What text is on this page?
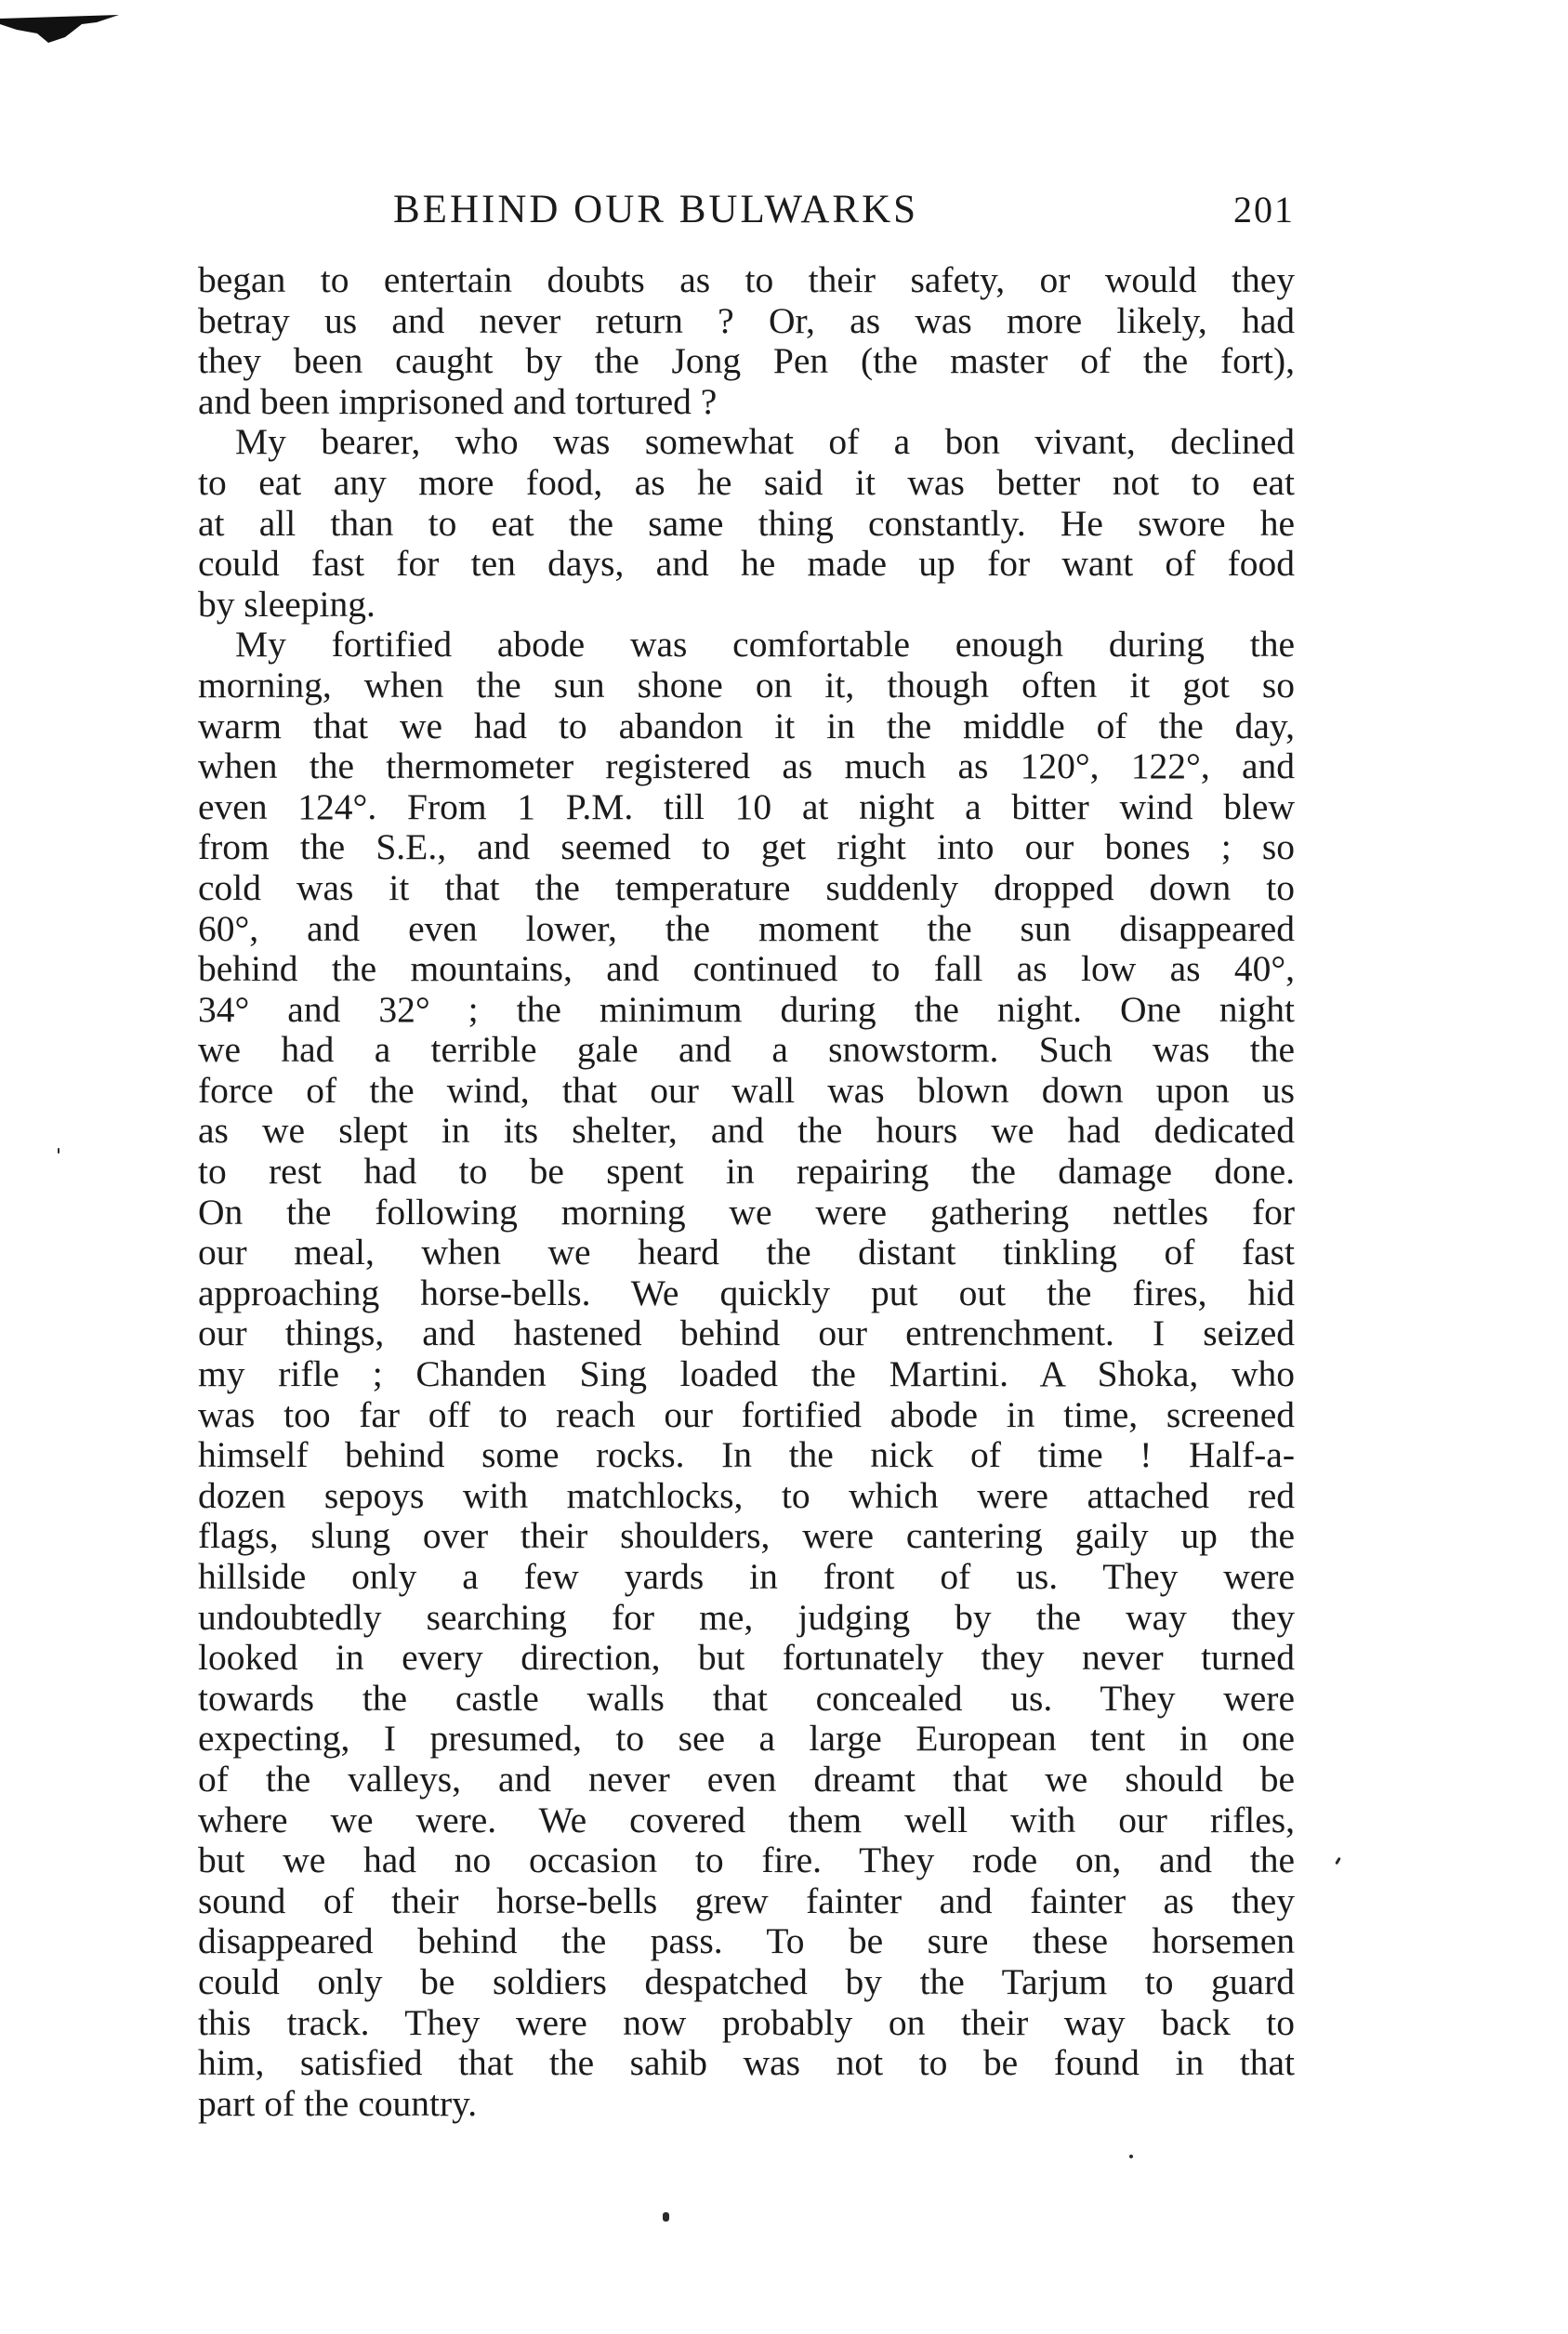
BEHIND OUR BULWARKS	201
began to entertain doubts as to their safety, or would they
betray us and never return ? Or, as was more likely, had
they been caught by the Jong Pen (the master of the fort),
and been imprisoned and tortured ?
My bearer, who was somewhat of a bon vivant, declined
to eat any more food, as he said it was better not to eat
at all than to eat the same thing constantly. He swore he
could fast for ten days, and he made up for want of food
by sleeping.
My fortified abode was comfortable enough during the
morning, when the sun shone on it, though often it got so
warm that we had to abandon it in the middle of the day,
when the thermometer registered as much as 120°, 122°, and
even 124°. From 1 P.M. till 10 at night a bitter wind blew
from the S.E., and seemed to get right into our bones ; so
cold was it that the temperature suddenly dropped down to
60°, and even lower, the moment the sun disappeared
behind the mountains, and continued to fall as low as 40°,
34° and 32° ; the minimum during the night. One night
we had a terrible gale and a snowstorm. Such was the
force of the wind, that our wall was blown down upon us
as we slept in its shelter, and the hours we had dedicated
to rest had to be spent in repairing the damage done.
On the following morning we were gathering nettles for
our meal, when we heard the distant tinkling of fast
approaching horse-bells. We quickly put out the fires, hid
our things, and hastened behind our entrenchment. I seized
my rifle ; Chanden Sing loaded the Martini. A Shoka, who
was too far off to reach our fortified abode in time, screened
himself behind some rocks. In the nick of time ! Half-a-
dozen sepoys with matchlocks, to which were attached red
flags, slung over their shoulders, were cantering gaily up the
hillside only a few yards in front of us. They were
undoubtedly searching for me, judging by the way they
looked in every direction, but fortunately they never turned
towards the castle walls that concealed us. They were
expecting, I presumed, to see a large European tent in one
of the valleys, and never even dreamt that we should be
where we were. We covered them well with our rifles,
but we had no occasion to fire. They rode on, and the
sound of their horse-bells grew fainter and fainter as they
disappeared behind the pass. To be sure these horsemen
could only be soldiers despatched by the Tarjum to guard
this track. They were now probably on their way back to
him, satisfied that the sahib was not to be found in that
part of the country.
